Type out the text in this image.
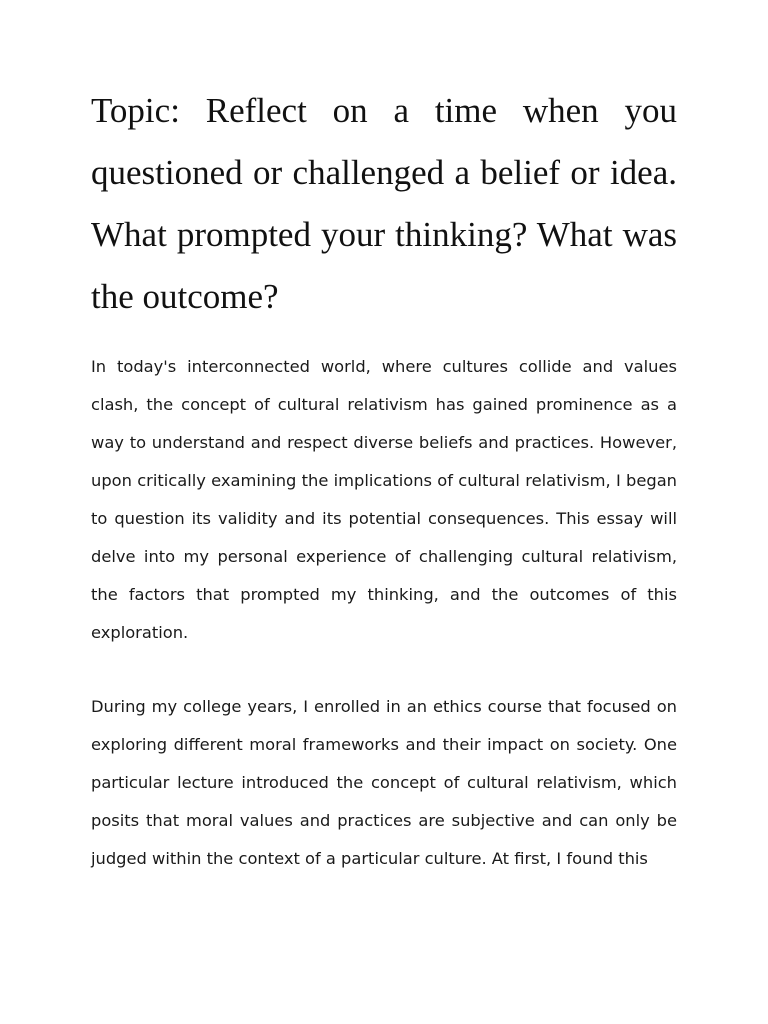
Topic: Reflect on a time when you questioned or challenged a belief or idea. What prompted your thinking? What was the outcome?

In today's interconnected world, where cultures collide and values clash, the concept of cultural relativism has gained prominence as a way to understand and respect diverse beliefs and practices. However, upon critically examining the implications of cultural relativism, I began to question its validity and its potential consequences. This essay will delve into my personal experience of challenging cultural relativism, the factors that prompted my thinking, and the outcomes of this exploration.

During my college years, I enrolled in an ethics course that focused on exploring different moral frameworks and their impact on society. One particular lecture introduced the concept of cultural relativism, which posits that moral values and practices are subjective and can only be judged within the context of a particular culture. At first, I found this
